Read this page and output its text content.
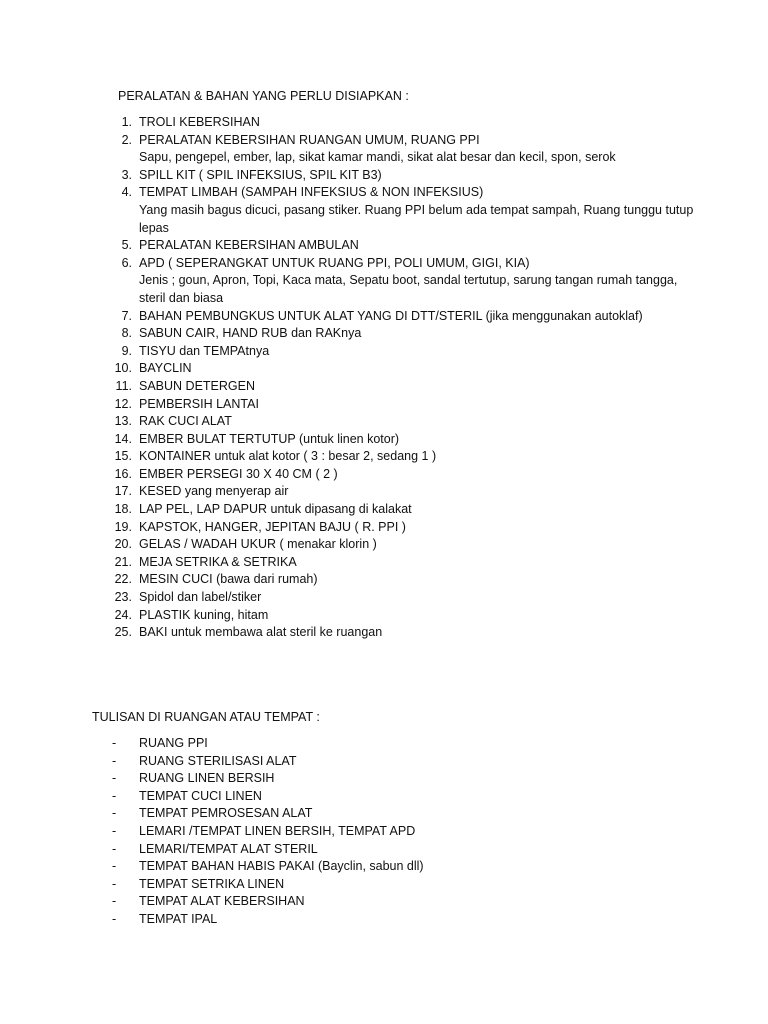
PERALATAN & BAHAN YANG PERLU DISIAPKAN :
1. TROLI KEBERSIHAN
2. PERALATAN KEBERSIHAN RUANGAN UMUM, RUANG PPI
Sapu, pengepel, ember, lap, sikat kamar mandi, sikat alat besar dan kecil, spon, serok
3. SPILL KIT ( SPIL INFEKSIUS, SPIL KIT B3)
4. TEMPAT LIMBAH (SAMPAH INFEKSIUS & NON INFEKSIUS)
Yang masih bagus dicuci, pasang stiker. Ruang PPI belum ada tempat sampah, Ruang tunggu tutup lepas
5. PERALATAN KEBERSIHAN AMBULAN
6. APD ( SEPERANGKAT UNTUK RUANG PPI, POLI UMUM, GIGI, KIA)
Jenis ; goun, Apron, Topi, Kaca mata, Sepatu boot, sandal tertutup, sarung tangan rumah tangga, steril dan biasa
7. BAHAN PEMBUNGKUS UNTUK ALAT YANG DI DTT/STERIL (jika menggunakan autoklaf)
8. SABUN CAIR, HAND RUB dan RAKnya
9. TISYU dan TEMPAtnya
10. BAYCLIN
11. SABUN DETERGEN
12. PEMBERSIH LANTAI
13. RAK CUCI ALAT
14. EMBER BULAT TERTUTUP (untuk linen kotor)
15. KONTAINER untuk alat kotor ( 3 : besar 2, sedang 1 )
16. EMBER PERSEGI 30 X 40 CM ( 2 )
17. KESED yang menyerap air
18. LAP PEL, LAP DAPUR untuk dipasang di kalakat
19. KAPSTOK, HANGER, JEPITAN BAJU ( R. PPI )
20. GELAS / WADAH UKUR ( menakar klorin )
21. MEJA SETRIKA & SETRIKA
22. MESIN CUCI (bawa dari rumah)
23. Spidol dan label/stiker
24. PLASTIK kuning, hitam
25. BAKI untuk membawa alat steril ke ruangan
TULISAN DI RUANGAN ATAU TEMPAT :
- RUANG PPI
- RUANG STERILISASI ALAT
- RUANG LINEN BERSIH
- TEMPAT CUCI LINEN
- TEMPAT PEMROSESAN ALAT
- LEMARI /TEMPAT LINEN BERSIH, TEMPAT APD
- LEMARI/TEMPAT ALAT STERIL
- TEMPAT BAHAN HABIS PAKAI (Bayclin, sabun dll)
- TEMPAT SETRIKA LINEN
- TEMPAT ALAT KEBERSIHAN
- TEMPAT IPAL
